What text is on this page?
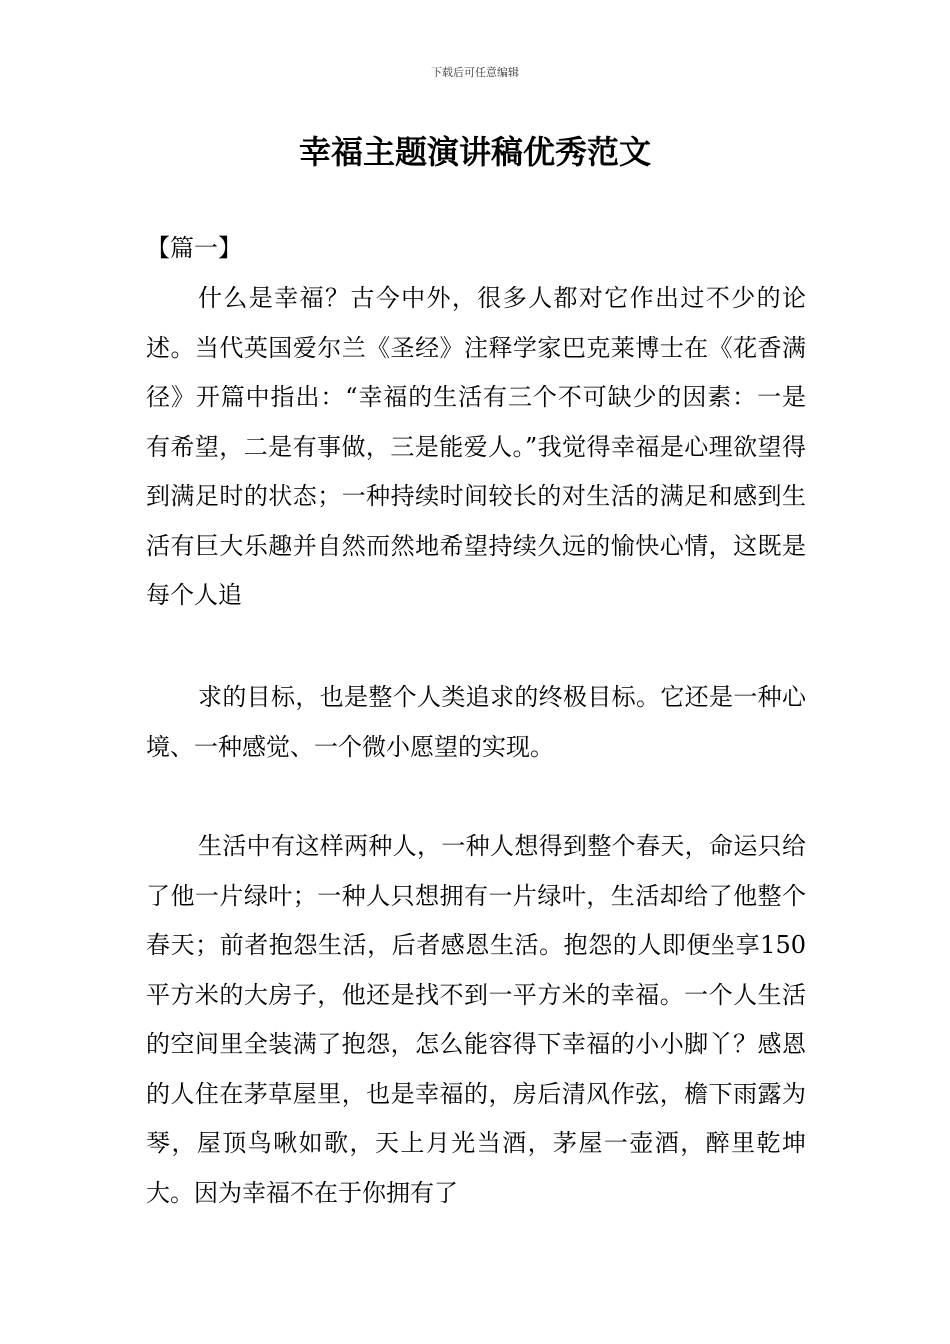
下载后可任意编辑
幸福主题演讲稿优秀范文
【篇一】

什么是幸福？古今中外，很多人都对它作出过不少的论述。当代英国爱尔兰《圣经》注释学家巴克莱博士在《花香满径》开篇中指出：“幸福的生活有三个不可缺少的因素：一是有希望，二是有事做，三是能爱人。”我觉得幸福是心理欲望得到满足时的状态；一种持续时间较长的对生活的满足和感到生活有巨大乐趣并自然而然地希望持续久远的愉快心情，这既是每个人追

求的目标，也是整个人类追求的终极目标。它还是一种心境、一种感觉、一个微小愿望的实现。

生活中有这样两种人，一种人想得到整个春天，命运只给了他一片绿叶；一种人只想拥有一片绿叶，生活却给了他整个春天；前者抱怨生活，后者感恩生活。抱怨的人即便坐享150平方米的大房子，他还是找不到一平方米的幸福。一个人生活的空间里全装满了抱怨，怎么能容得下幸福的小小脚丫？感恩的人住在茅草屋里，也是幸福的，房后清风作弦，檐下雨露为琴，屋顶鸟啾如歌，天上月光当酒，茅屋一壶酒，醉里乾坤大。因为幸福不在于你拥有了
